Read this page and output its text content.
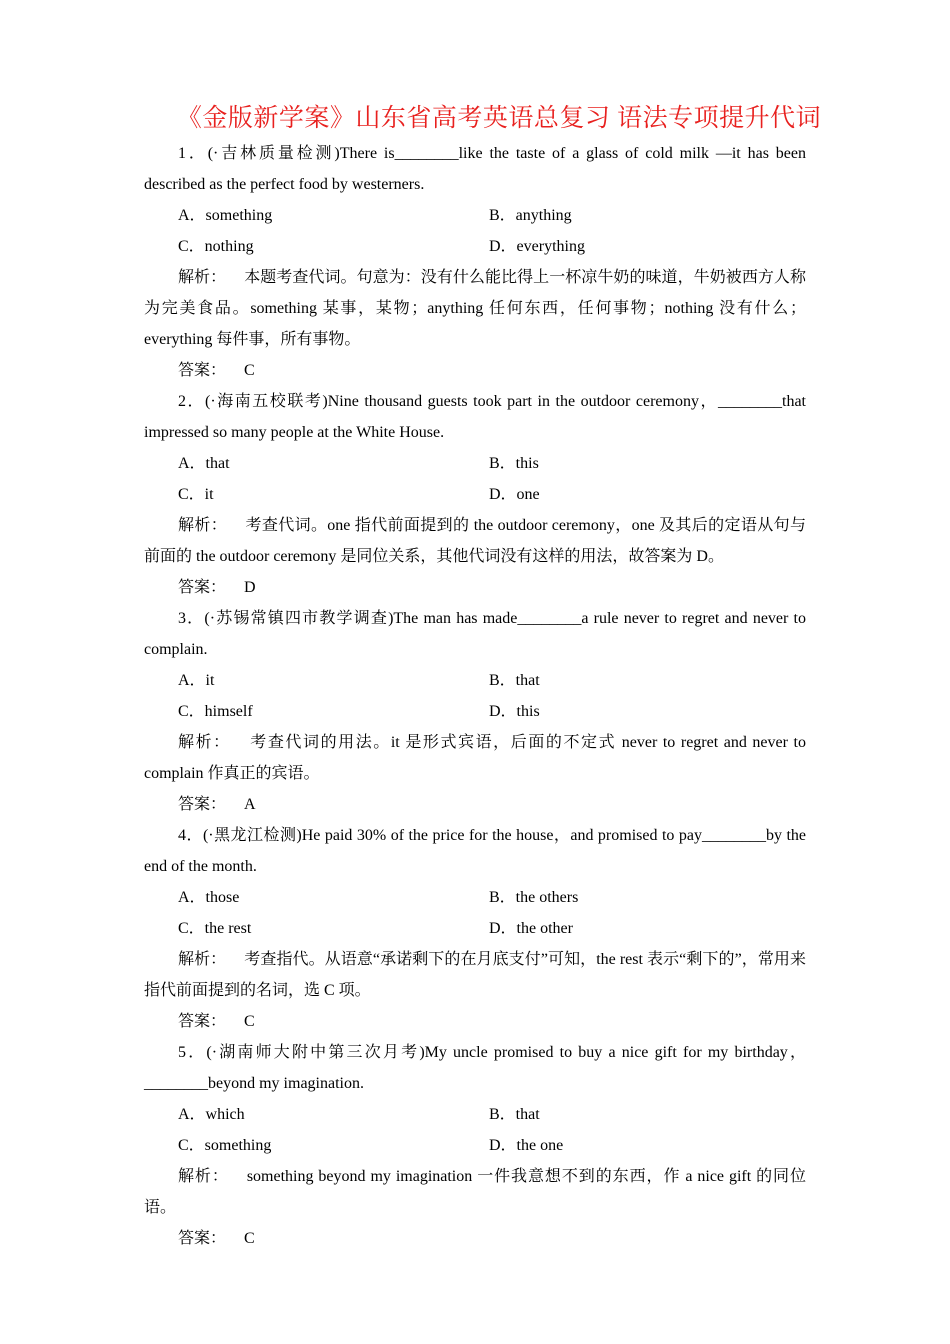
《金版新学案》山东省高考英语总复习 语法专项提升代词

1．(·吉林质量检测)There is________like the taste of a glass of cold milk —it has been described as the perfect food by westerners.

A．something	B．anything
C．nothing	D．everything

解析： 本题考查代词。句意为：没有什么能比得上一杯凉牛奶的味道，牛奶被西方人称为完美食品。something 某事，某物；anything 任何东西，任何事物；nothing 没有什么；everything 每件事，所有事物。

答案： C

2．(·海南五校联考)Nine thousand guests took part in the outdoor ceremony，________that impressed so many people at the White House.

A．that	B．this
C．it	D．one

解析： 考查代词。one 指代前面提到的 the outdoor ceremony，one 及其后的定语从句与前面的 the outdoor ceremony 是同位关系，其他代词没有这样的用法，故答案为 D。

答案： D

3．(·苏锡常镇四市教学调查)The man has made________a rule never to regret and never to complain.

A．it	B．that
C．himself	D．this

解析： 考查代词的用法。it 是形式宾语，后面的不定式 never to regret and never to complain 作真正的宾语。

答案： A

4．(·黑龙江检测)He paid 30% of the price for the house，and promised to pay________by the end of the month.

A．those	B．the others
C．the rest	D．the other

解析： 考查指代。从语意“承诺剩下的在月底支付”可知，the rest 表示“剩下的”，常用来指代前面提到的名词，选 C 项。

答案： C

5．(·湖南师大附中第三次月考)My uncle promised to buy a nice gift for my birthday，________beyond my imagination.

A．which	B．that
C．something	D．the one

解析： something beyond my imagination 一件我意想不到的东西，作 a nice gift 的同位语。

答案： C
